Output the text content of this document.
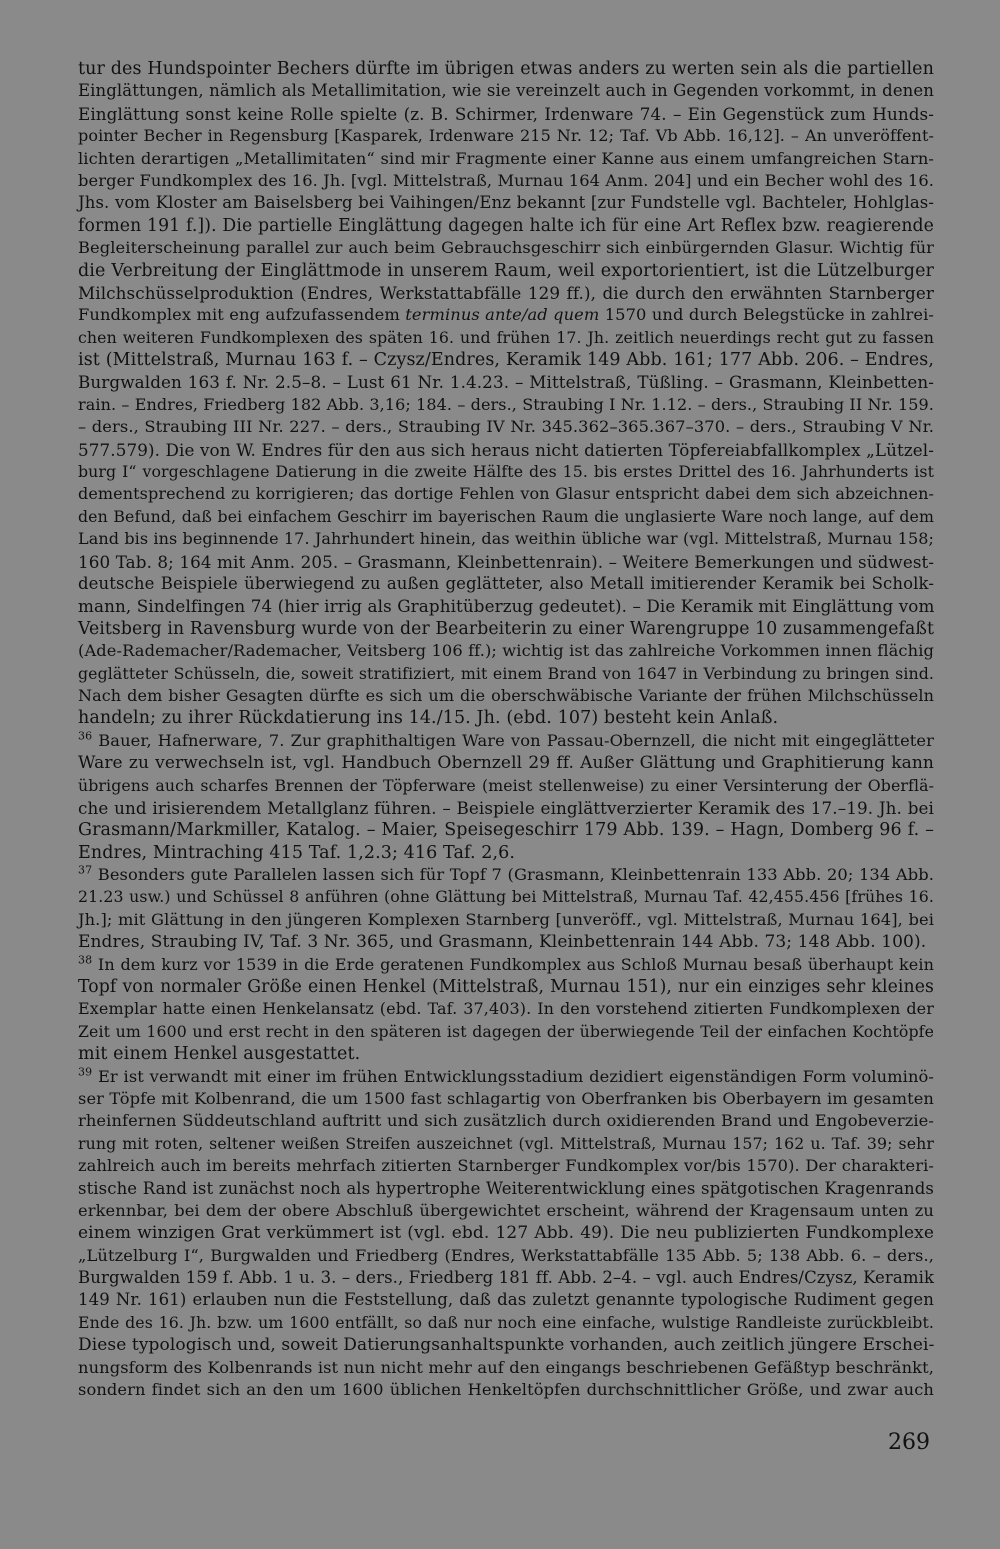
tur des Hundspointer Bechers dürfte im übrigen etwas anders zu werten sein als die partiellen
Einglättungen, nämlich als Metallimitation, wie sie vereinzelt auch in Gegenden vorkommt, in denen
Einglättung sonst keine Rolle spielte (z. B. Schirmer, Irdenware 74. – Ein Gegenstück zum Hunds-
pointer Becher in Regensburg [Kasparek, Irdenware 215 Nr. 12; Taf. Vb Abb. 16,12]. – An unveröffent-
lichten derartigen „Metallimitaten“ sind mir Fragmente einer Kanne aus einem umfangreichen Starn-
berger Fundkomplex des 16. Jh. [vgl. Mittelstraß, Murnau 164 Anm. 204] und ein Becher wohl des 16.
Jhs. vom Kloster am Baiselsberg bei Vaihingen/Enz bekannt [zur Fundstelle vgl. Bachteler, Hohlglas-
formen 191 f.]). Die partielle Einglättung dagegen halte ich für eine Art Reflex bzw. reagierende
Begleiterscheinung parallel zur auch beim Gebrauchsgeschirr sich einbürgernden Glasur. Wichtig für
die Verbreitung der Einglättmode in unserem Raum, weil exportorientiert, ist die Lützelburger
Milchschüsselproduktion (Endres, Werkstattabfälle 129 ff.), die durch den erwähnten Starnberger
Fundkomplex mit eng aufzufassendem terminus ante/ad quem 1570 und durch Belegstücke in zahlrei-
chen weiteren Fundkomplexen des späten 16. und frühen 17. Jh. zeitlich neuerdings recht gut zu fassen
ist (Mittelstraß, Murnau 163 f. – Czysz/Endres, Keramik 149 Abb. 161; 177 Abb. 206. – Endres,
Burgwalden 163 f. Nr. 2.5–8. – Lust 61 Nr. 1.4.23. – Mittelstraß, Tüßling. – Grasmann, Kleinbetten-
rain. – Endres, Friedberg 182 Abb. 3,16; 184. – ders., Straubing I Nr. 1.12. – ders., Straubing II Nr. 159.
– ders., Straubing III Nr. 227. – ders., Straubing IV Nr. 345.362–365.367–370. – ders., Straubing V Nr.
577.579). Die von W. Endres für den aus sich heraus nicht datierten Töpfereiabfallkomplex „Lützel-
burg I“ vorgeschlagene Datierung in die zweite Hälfte des 15. bis erstes Drittel des 16. Jahrhunderts ist
dementsprechend zu korrigieren; das dortige Fehlen von Glasur entspricht dabei dem sich abzeichnen-
den Befund, daß bei einfachem Geschirr im bayerischen Raum die unglasierte Ware noch lange, auf dem
Land bis ins beginnende 17. Jahrhundert hinein, das weithin übliche war (vgl. Mittelstraß, Murnau 158;
160 Tab. 8; 164 mit Anm. 205. – Grasmann, Kleinbettenrain). – Weitere Bemerkungen und südwest-
deutsche Beispiele überwiegend zu außen geglätteter, also Metall imitierender Keramik bei Scholk-
mann, Sindelfingen 74 (hier irrig als Graphitüberzug gedeutet). – Die Keramik mit Einglättung vom
Veitsberg in Ravensburg wurde von der Bearbeiterin zu einer Warengruppe 10 zusammengefaßt
(Ade-Rademacher/Rademacher, Veitsberg 106 ff.); wichtig ist das zahlreiche Vorkommen innen flächig
geglätteter Schüsseln, die, soweit stratifiziert, mit einem Brand von 1647 in Verbindung zu bringen sind.
Nach dem bisher Gesagten dürfte es sich um die oberschwäbische Variante der frühen Milchschüsseln
handeln; zu ihrer Rückdatierung ins 14./15. Jh. (ebd. 107) besteht kein Anlaß.
$^{36}$ Bauer, Hafnerware, 7. Zur graphithaltigen Ware von Passau-Obernzell, die nicht mit eingeglätteter
Ware zu verwechseln ist, vgl. Handbuch Obernzell 29 ff. Außer Glättung und Graphitierung kann
übrigens auch scharfes Brennen der Töpferware (meist stellenweise) zu einer Versinterung der Oberflä-
che und irisierendem Metallglanz führen. – Beispiele einglättverzierter Keramik des 17.–19. Jh. bei
Grasmann/Markmiller, Katalog. – Maier, Speisegeschirr 179 Abb. 139. – Hagn, Domberg 96 f. –
Endres, Mintraching 415 Taf. 1,2.3; 416 Taf. 2,6.
$^{37}$ Besonders gute Parallelen lassen sich für Topf 7 (Grasmann, Kleinbettenrain 133 Abb. 20; 134 Abb.
21.23 usw.) und Schüssel 8 anführen (ohne Glättung bei Mittelstraß, Murnau Taf. 42,455.456 [frühes 16.
Jh.]; mit Glättung in den jüngeren Komplexen Starnberg [unveröff., vgl. Mittelstraß, Murnau 164], bei
Endres, Straubing IV, Taf. 3 Nr. 365, und Grasmann, Kleinbettenrain 144 Abb. 73; 148 Abb. 100).
$^{38}$ In dem kurz vor 1539 in die Erde geratenen Fundkomplex aus Schloß Murnau besaß überhaupt kein
Topf von normaler Größe einen Henkel (Mittelstraß, Murnau 151), nur ein einziges sehr kleines
Exemplar hatte einen Henkelansatz (ebd. Taf. 37,403). In den vorstehend zitierten Fundkomplexen der
Zeit um 1600 und erst recht in den späteren ist dagegen der überwiegende Teil der einfachen Kochtöpfe
mit einem Henkel ausgestattet.
$^{39}$ Er ist verwandt mit einer im frühen Entwicklungsstadium dezidiert eigenständigen Form voluminö-
ser Töpfe mit Kolbenrand, die um 1500 fast schlagartig von Oberfranken bis Oberbayern im gesamten
rheinfernen Süddeutschland auftritt und sich zusätzlich durch oxidierenden Brand und Engobeverzie-
rung mit roten, seltener weißen Streifen auszeichnet (vgl. Mittelstraß, Murnau 157; 162 u. Taf. 39; sehr
zahlreich auch im bereits mehrfach zitierten Starnberger Fundkomplex vor/bis 1570). Der charakteri-
stische Rand ist zunächst noch als hypertrophe Weiterentwicklung eines spätgotischen Kragenrands
erkennbar, bei dem der obere Abschluß übergewichtet erscheint, während der Kragensaum unten zu
einem winzigen Grat verkümmert ist (vgl. ebd. 127 Abb. 49). Die neu publizierten Fundkomplexe
„Lützelburg I“, Burgwalden und Friedberg (Endres, Werkstattabfälle 135 Abb. 5; 138 Abb. 6. – ders.,
Burgwalden 159 f. Abb. 1 u. 3. – ders., Friedberg 181 ff. Abb. 2–4. – vgl. auch Endres/Czysz, Keramik
149 Nr. 161) erlauben nun die Feststellung, daß das zuletzt genannte typologische Rudiment gegen
Ende des 16. Jh. bzw. um 1600 entfällt, so daß nur noch eine einfache, wulstige Randleiste zurückbleibt.
Diese typologisch und, soweit Datierungsanhaltspunkte vorhanden, auch zeitlich jüngere Erschei-
nungsform des Kolbenrands ist nun nicht mehr auf den eingangs beschriebenen Gefäßtyp beschränkt,
sondern findet sich an den um 1600 üblichen Henkeltöpfen durchschnittlicher Größe, und zwar auch
269
